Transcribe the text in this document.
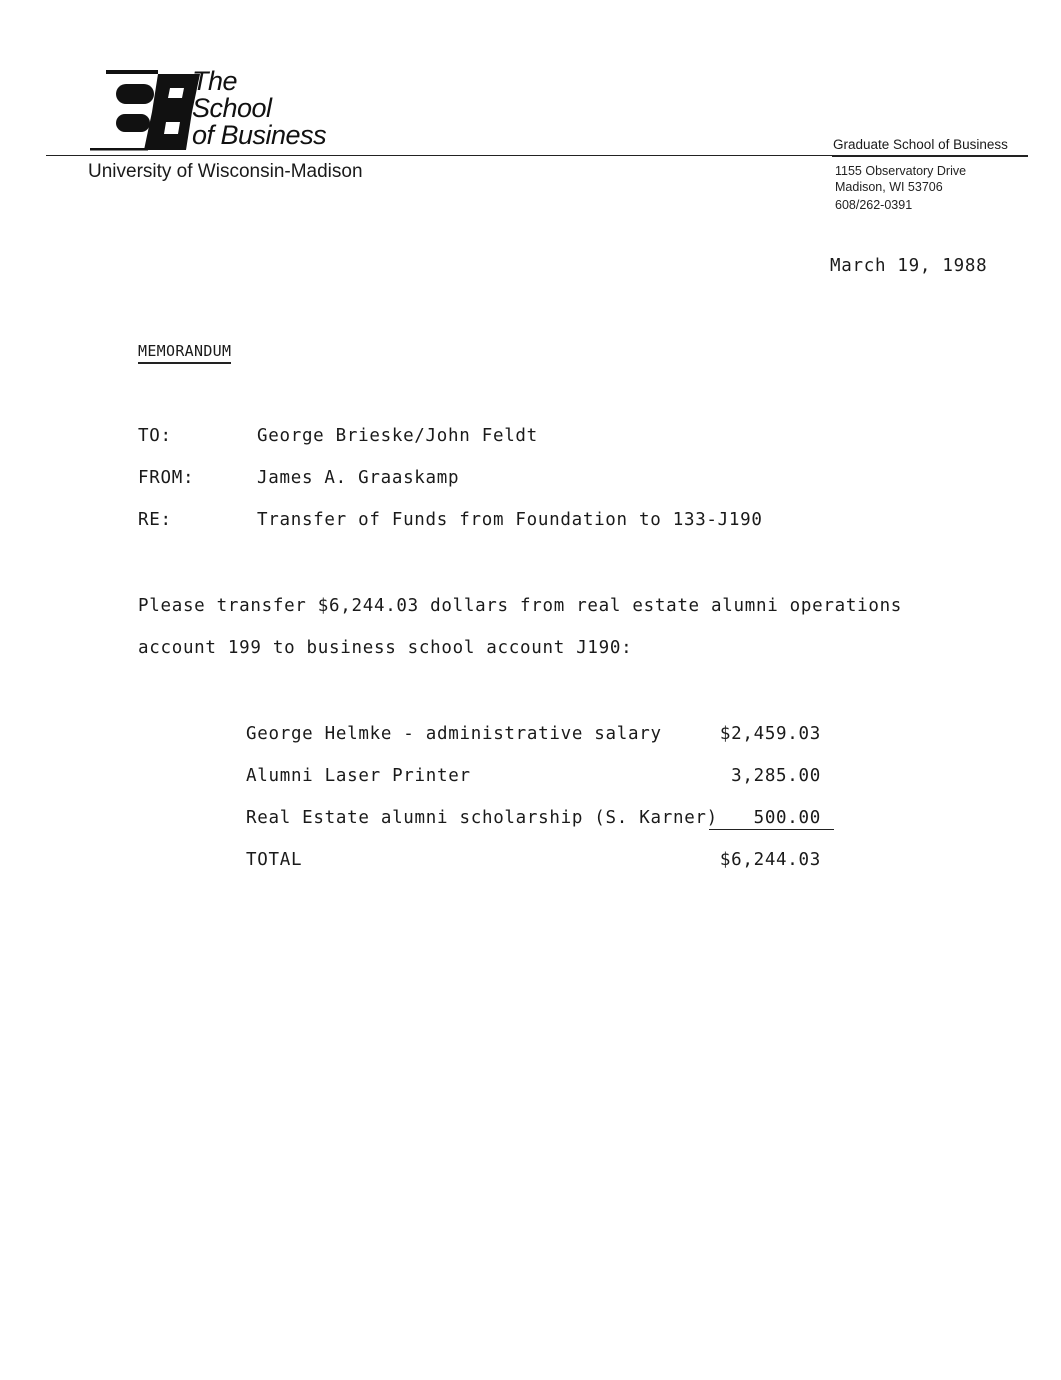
The
School
of Business
University of Wisconsin-Madison
Graduate School of Business
1155 Observatory Drive
Madison, WI 53706
608/262-0391
March 19, 1988
MEMORANDUM
TO:	George Brieske/John Feldt
FROM:	James A. Graaskamp
RE:	Transfer of Funds from Foundation to 133-J190
Please transfer $6,244.03 dollars from real estate alumni operations
account 199 to business school account J190:
George Helmke - administrative salary	$2,459.03
Alumni Laser Printer	3,285.00
Real Estate alumni scholarship (S. Karner) 500.00
TOTAL	$6,244.03
